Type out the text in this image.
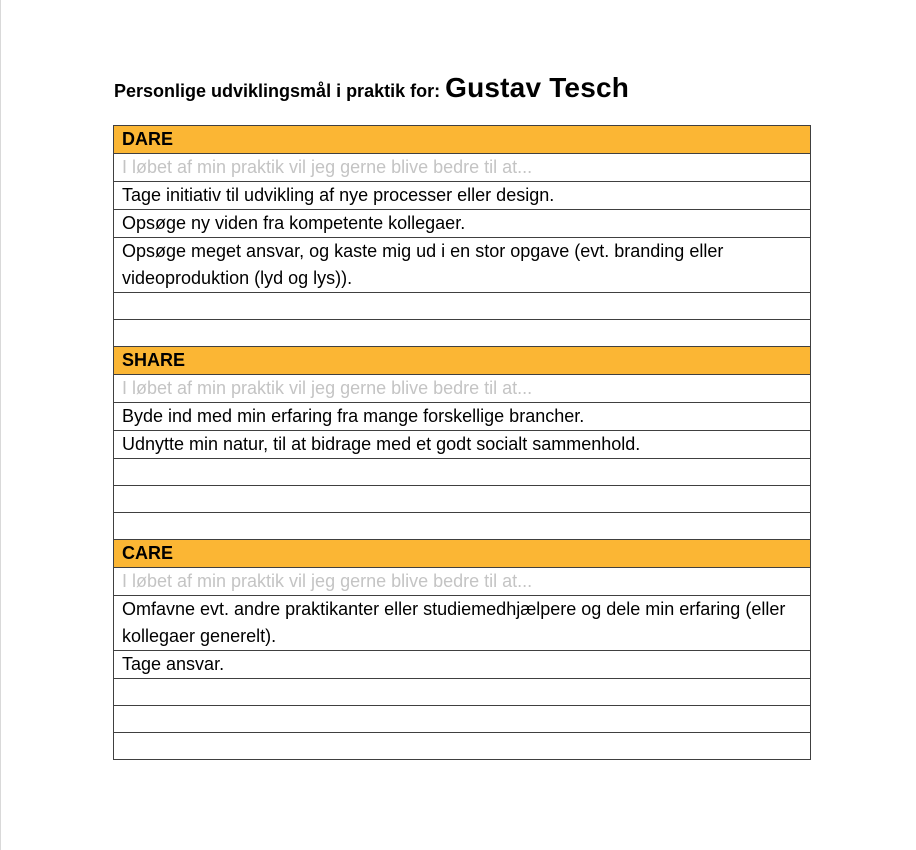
Personlige udviklingsmål i praktik for: Gustav Tesch
DARE
I løbet af min praktik vil jeg gerne blive bedre til at...
Tage initiativ til udvikling af nye processer eller design.
Opsøge ny viden fra kompetente kollegaer.
Opsøge meget ansvar, og kaste mig ud i en stor opgave (evt. branding eller videoproduktion (lyd og lys)).

SHARE
I løbet af min praktik vil jeg gerne blive bedre til at...
Byde ind med min erfaring fra mange forskellige brancher.
Udnytte min natur, til at bidrage med et godt socialt sammenhold.

CARE
I løbet af min praktik vil jeg gerne blive bedre til at...
Omfavne evt. andre praktikanter eller studiemedhjælpere og dele min erfaring (eller kollegaer generelt).
Tage ansvar.
